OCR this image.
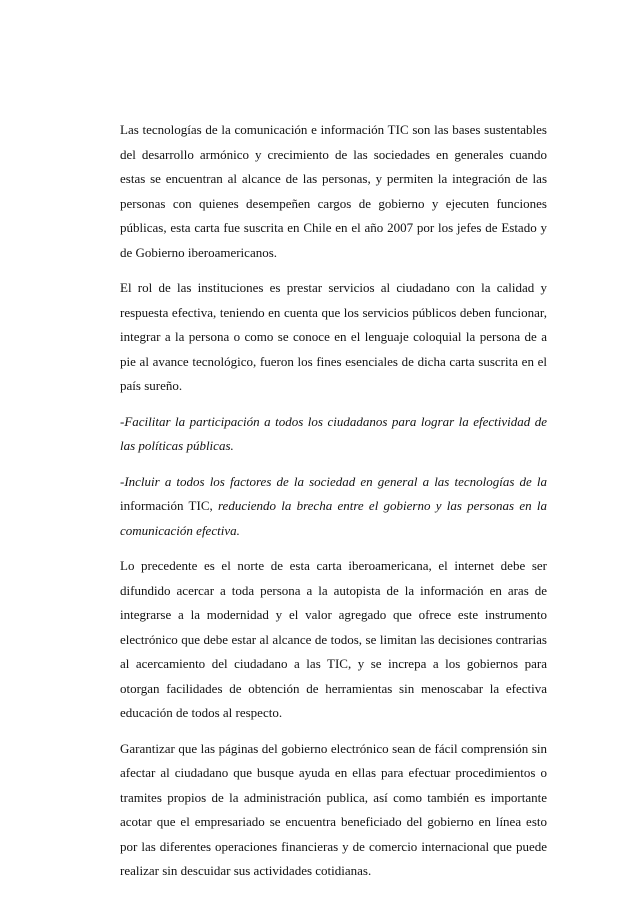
Las tecnologías de la comunicación e información TIC son las bases sustentables del desarrollo armónico y crecimiento de las sociedades en generales cuando estas se encuentran al alcance de las personas, y permiten la integración de las personas con quienes desempeñen cargos de gobierno y ejecuten funciones públicas, esta carta fue suscrita en Chile en el año 2007 por los jefes de Estado y de Gobierno iberoamericanos.

El rol de las instituciones es prestar servicios al ciudadano con la calidad y respuesta efectiva, teniendo en cuenta que los servicios públicos deben funcionar, integrar a la persona o como se conoce en el lenguaje coloquial la persona de a pie al avance tecnológico, fueron los fines esenciales de dicha carta suscrita en el país sureño.

-Facilitar la participación a todos los ciudadanos para lograr la efectividad de las políticas públicas.

-Incluir a todos los factores de la sociedad en general a las tecnologías de la información TIC, reduciendo la brecha entre el gobierno y las personas en la comunicación efectiva.

Lo precedente es el norte de esta carta iberoamericana, el internet debe ser difundido acercar a toda persona a la autopista de la información en aras de integrarse a la modernidad y el valor agregado que ofrece este instrumento electrónico que debe estar al alcance de todos, se limitan las decisiones contrarias al acercamiento del ciudadano a las TIC, y se increpa a los gobiernos para otorgan facilidades de obtención de herramientas sin menoscabar la efectiva educación de todos al respecto.

Garantizar que las páginas del gobierno electrónico sean de fácil comprensión sin afectar al ciudadano que busque ayuda en ellas para efectuar procedimientos o tramites propios de la administración publica, así como también es importante acotar que el empresariado se encuentra beneficiado del gobierno en línea esto por las diferentes operaciones financieras y de comercio internacional que puede realizar sin descuidar sus actividades cotidianas.
